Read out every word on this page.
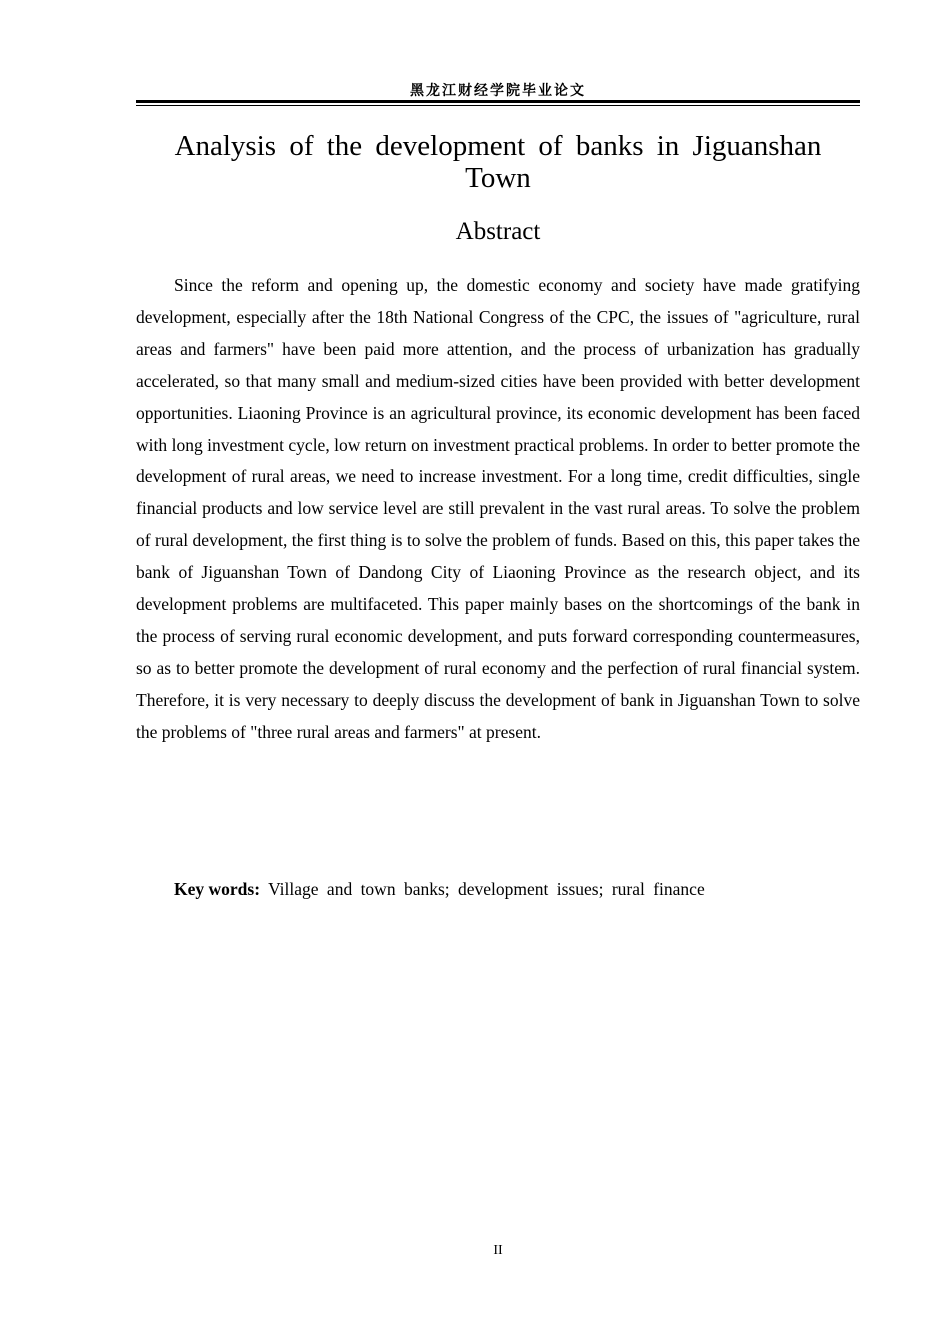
黑龙江财经学院毕业论文
Analysis of the development of banks in Jiguanshan Town
Abstract

Since the reform and opening up, the domestic economy and society have made gratifying development, especially after the 18th National Congress of the CPC, the issues of "agriculture, rural areas and farmers" have been paid more attention, and the process of urbanization has gradually accelerated, so that many small and medium-sized cities have been provided with better development opportunities. Liaoning Province is an agricultural province, its economic development has been faced with long investment cycle, low return on investment practical problems. In order to better promote the development of rural areas, we need to increase investment. For a long time, credit difficulties, single financial products and low service level are still prevalent in the vast rural areas. To solve the problem of rural development, the first thing is to solve the problem of funds. Based on this, this paper takes the bank of Jiguanshan Town of Dandong City of Liaoning Province as the research object, and its development problems are multifaceted. This paper mainly bases on the shortcomings of the bank in the process of serving rural economic development, and puts forward corresponding countermeasures, so as to better promote the development of rural economy and the perfection of rural financial system. Therefore, it is very necessary to deeply discuss the development of bank in Jiguanshan Town to solve the problems of "three rural areas and farmers" at present.

Key words: Village and town banks; development issues; rural finance
II
